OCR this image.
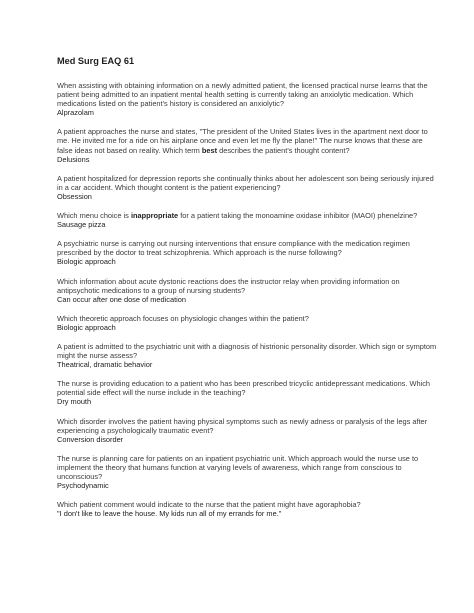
Med Surg EAQ 61

When assisting with obtaining information on a newly admitted patient, the licensed practical nurse learns that the patient being admitted to an inpatient mental health setting is currently taking an anxiolytic medication. Which medications listed on the patient's history is considered an anxiolytic?

Alprazolam

A patient approaches the nurse and states, "The president of the United States lives in the apartment next door to me. He invited me for a ride on his airplane once and even let me fly the plane!" The nurse knows that these are false ideas not based on reality. Which term best describes the patient's thought content?

Delusions

A patient hospitalized for depression reports she continually thinks about her adolescent son being seriously injured in a car accident. Which thought content is the patient experiencing?

Obsession

Which menu choice is inappropriate for a patient taking the monoamine oxidase inhibitor (MAOI) phenelzine?

Sausage pizza

A psychiatric nurse is carrying out nursing interventions that ensure compliance with the medication regimen prescribed by the doctor to treat schizophrenia. Which approach is the nurse following?

Biologic approach

Which information about acute dystonic reactions does the instructor relay when providing information on antipsychotic medications to a group of nursing students?

Can occur after one dose of medication

Which theoretic approach focuses on physiologic changes within the patient?

Biologic approach

A patient is admitted to the psychiatric unit with a diagnosis of histrionic personality disorder. Which sign or symptom might the nurse assess?

Theatrical, dramatic behavior

The nurse is providing education to a patient who has been prescribed tricyclic antidepressant medications. Which potential side effect will the nurse include in the teaching?

Dry mouth

Which disorder involves the patient having physical symptoms such as newly adness or paralysis of the legs after experiencing a psychologically traumatic event?

Conversion disorder

The nurse is planning care for patients on an inpatient psychiatric unit. Which approach would the nurse use to implement the theory that humans function at varying levels of awareness, which range from conscious to unconscious?

Psychodynamic

Which patient comment would indicate to the nurse that the patient might have agoraphobia?

"I don't like to leave the house. My kids run all of my errands for me."
